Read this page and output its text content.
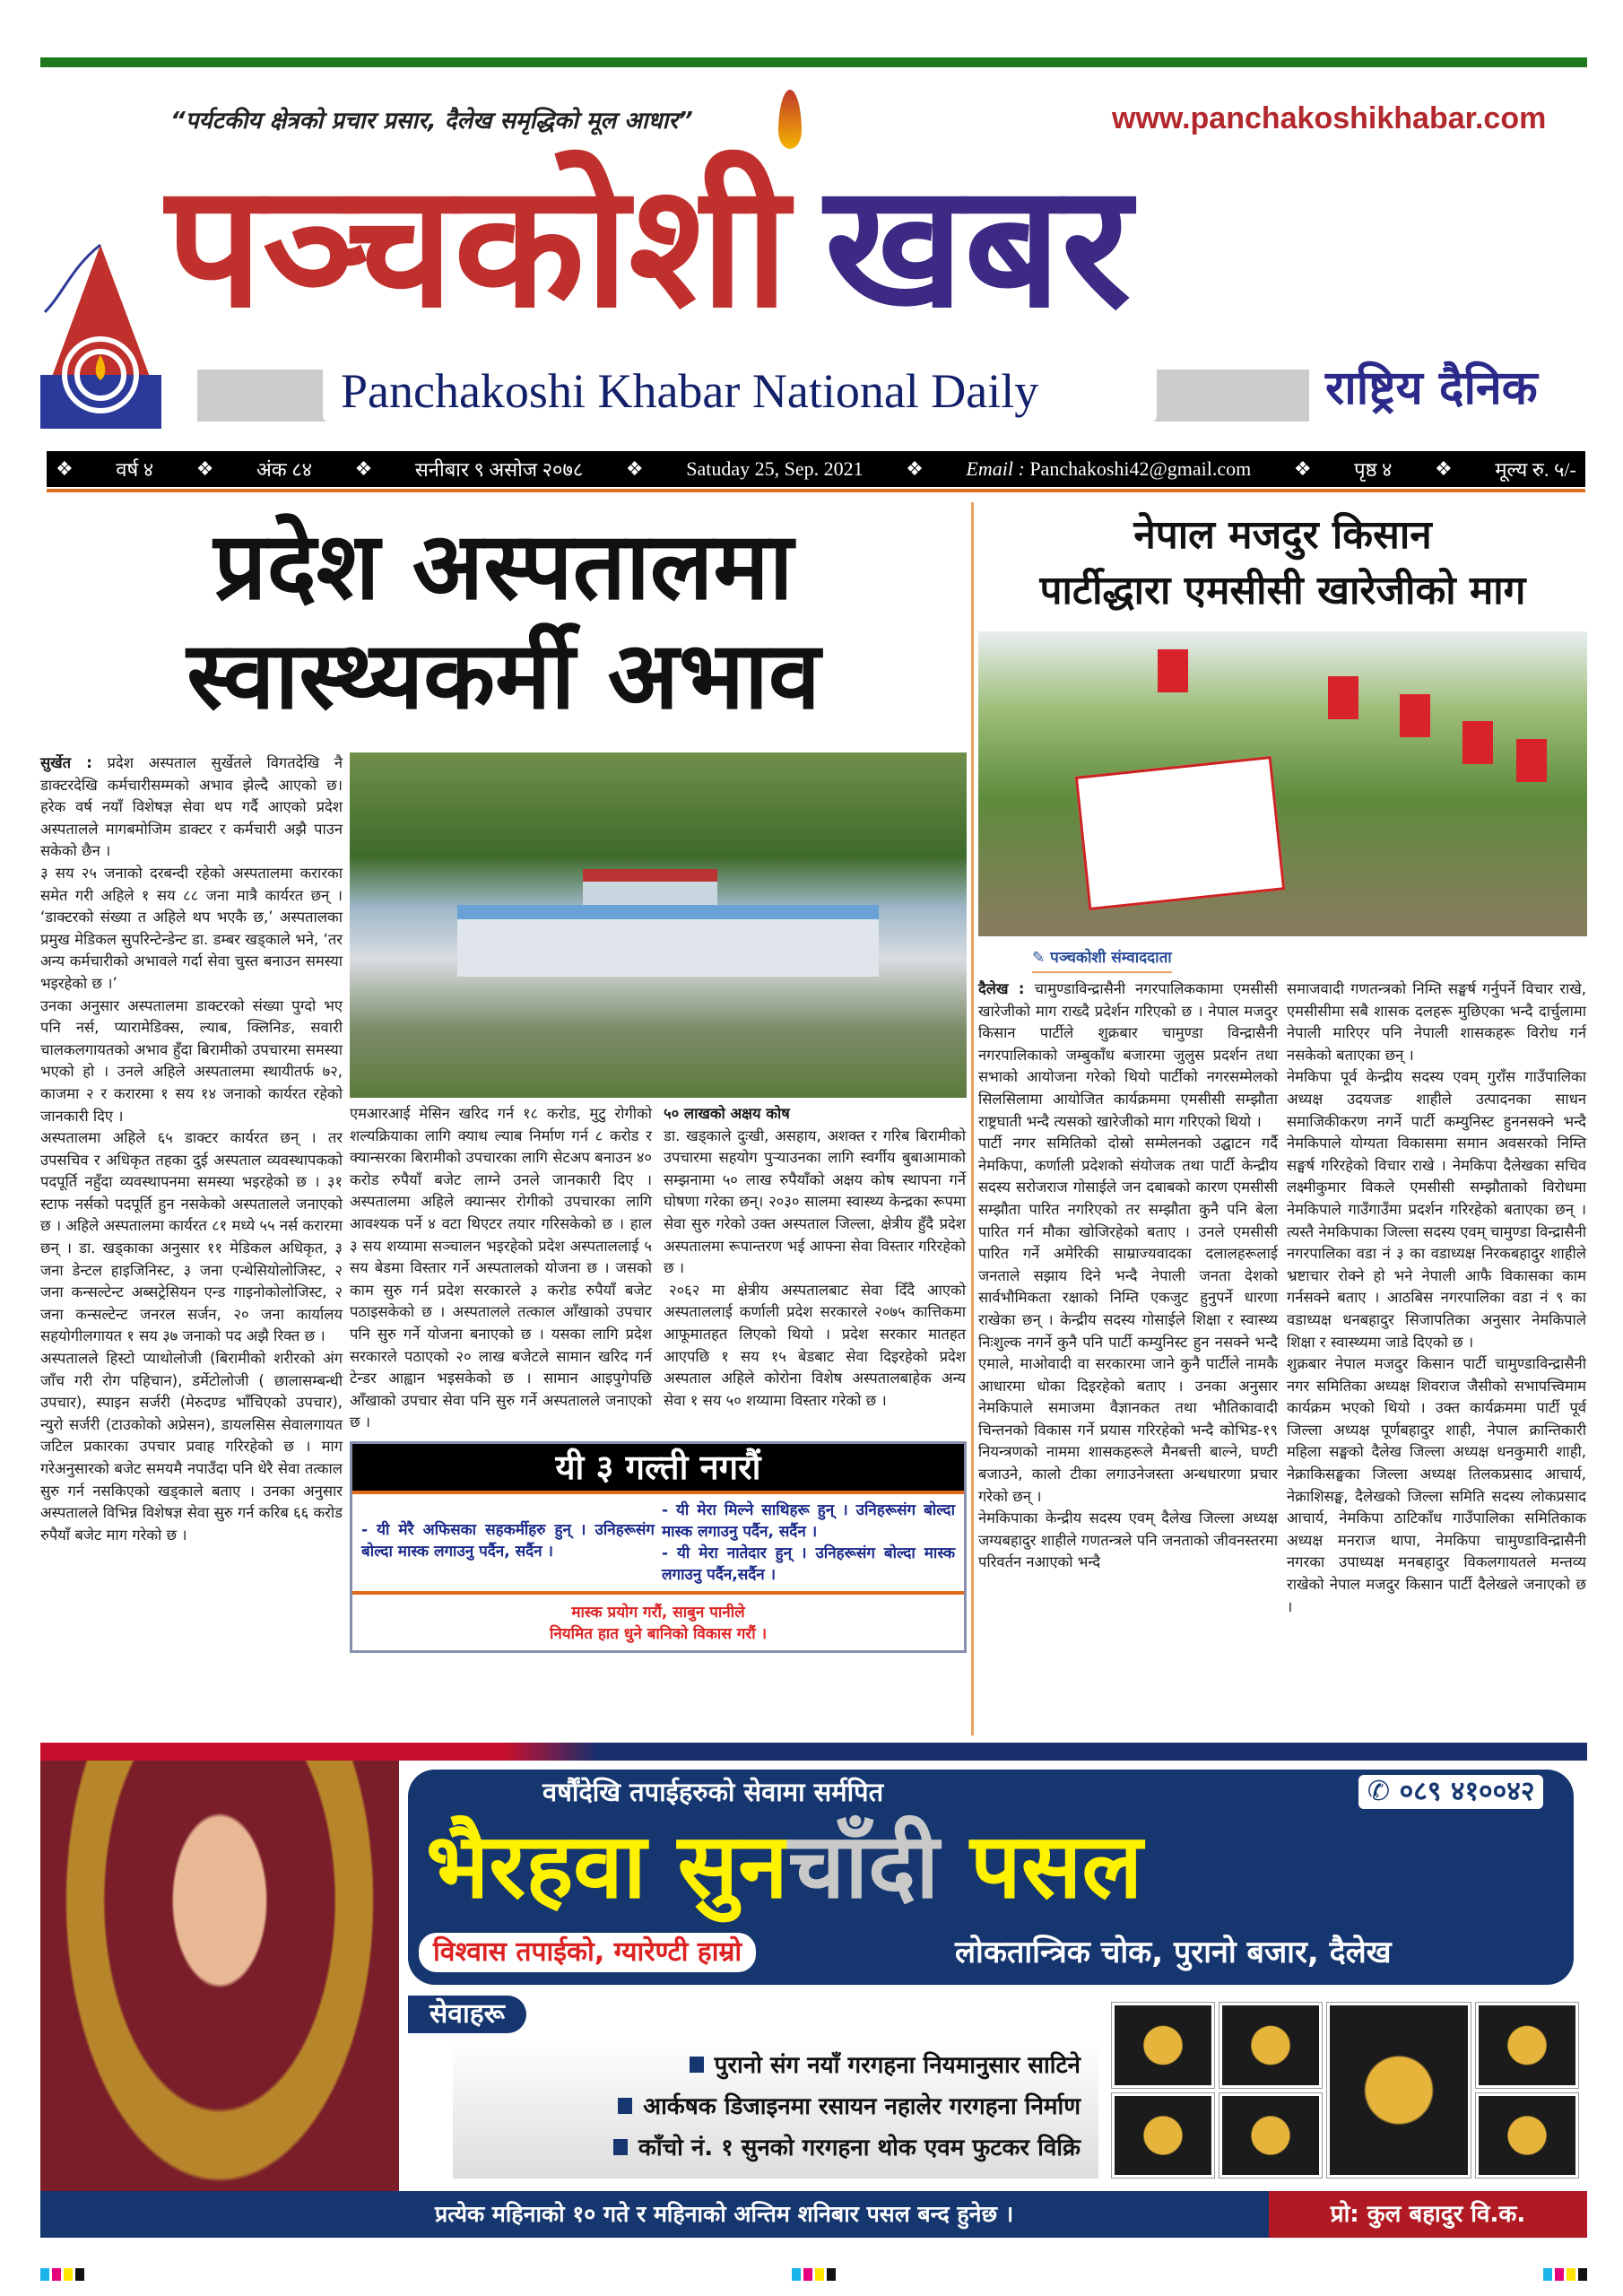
“पर्यटकीय क्षेत्रको प्रचार प्रसार, दैलेख समृद्धिको मूल आधार”	www.panchakoshikhabar.com
पञ्चकोशी खबर
Panchakoshi Khabar National Daily	राष्ट्रिय दैनिक
❖ वर्ष ४ ❖ अंक ८४ ❖ सनीबार ९ असोज २०७८ ❖ Satuday 25, Sep. 2021 ❖ Email : Panchakoshi42@gmail.com ❖ पृष्ठ ४ ❖ मूल्य रु. ५/-
प्रदेश अस्पतालमा
स्वास्थ्यकर्मी अभाव

सुर्खेत : प्रदेश अस्पताल सुर्खेतले विगतदेखि नै डाक्टरदेखि कर्मचारीसम्मको अभाव झेल्दै आएको छ। हरेक वर्ष नयाँ विशेषज्ञ सेवा थप गर्दै आएको प्रदेश अस्पतालले मागबमोजिम डाक्टर र कर्मचारी अझै पाउन सकेको छैन ।

३ सय २५ जनाको दरबन्दी रहेको अस्पतालमा करारका समेत गरी अहिले १ सय ८८ जना मात्रै कार्यरत छन् । ‘डाक्टरको संख्या त अहिले थप भएकै छ,’ अस्पतालका प्रमुख मेडिकल सुपरिन्टेन्डेन्ट डा. डम्बर खड्काले भने, ‘तर अन्य कर्मचारीको अभावले गर्दा सेवा चुस्त बनाउन समस्या भइरहेको छ ।’

उनका अनुसार अस्पतालमा डाक्टरको संख्या पुग्दो भए पनि नर्स, प्यारामेडिक्स, ल्याब, क्लिनिङ, सवारी चालकलगायतको अभाव हुँदा बिरामीको उपचारमा समस्या भएको हो । उनले अहिले अस्पतालमा स्थायीतर्फ ७२, काजमा २ र करारमा १ सय १४ जनाको कार्यरत रहेको जानकारी दिए ।

अस्पतालमा अहिले ६५ डाक्टर कार्यरत छन् । तर उपसचिव र अधिकृत तहका दुई अस्पताल व्यवस्थापकको पदपूर्ति नहुँदा व्यवस्थापनमा समस्या भइरहेको छ । ३१ स्टाफ नर्सको पदपूर्ति हुन नसकेको अस्पतालले जनाएको छ । अहिले अस्पतालमा कार्यरत ८१ मध्ये ५५ नर्स करारमा छन् । डा. खड्काका अनुसार ११ मेडिकल अधिकृत, ३ जना डेन्टल हाइजिनिस्ट, ३ जना एन्थेसियोलोजिस्ट, २ जना कन्सल्टेन्ट अब्सट्रेसियन एन्ड गाइनोकोलोजिस्ट, २ जना कन्सल्टेन्ट जनरल सर्जन, २० जना कार्यालय सहयोगीलगायत १ सय ३७ जनाको पद अझै रिक्त छ ।

अस्पतालले हिस्टो प्याथोलोजी (बिरामीको शरीरको अंग जाँच गरी रोग पहिचान), डर्मेटोलोजी ( छालासम्बन्धी उपचार), स्पाइन सर्जरी (मेरुदण्ड भाँचिएको उपचार), न्युरो सर्जरी (टाउकोको अप्रेसन), डायलसिस सेवालगायत जटिल प्रकारका उपचार प्रवाह गरिरहेको छ । माग गरेअनुसारको बजेट समयमै नपाउँदा पनि धेरै सेवा तत्काल सुरु गर्न नसकिएको खड्काले बताए । उनका अनुसार अस्पतालले विभिन्न विशेषज्ञ सेवा सुरु गर्न करिब ६६ करोड रुपैयाँ बजेट माग गरेको छ ।

एमआरआई मेसिन खरिद गर्न १८ करोड, मुटु रोगीको शल्यक्रियाका लागि क्याथ ल्याब निर्माण गर्न ८ करोड र क्यान्सरका बिरामीको उपचारका लागि सेटअप बनाउन ४० करोड रुपैयाँ बजेट लाग्ने उनले जानकारी दिए । अस्पतालमा अहिले क्यान्सर रोगीको उपचारका लागि आवश्यक पर्ने ४ वटा थिएटर तयार गरिसकेको छ । हाल ३ सय शय्यामा सञ्चालन भइरहेको प्रदेश अस्पताललाई ५ सय बेडमा विस्तार गर्ने अस्पतालको योजना छ । जसको काम सुरु गर्न प्रदेश सरकारले ३ करोड रुपैयाँ बजेट पठाइसकेको छ । अस्पतालले तत्काल आँखाको उपचार पनि सुरु गर्ने योजना बनाएको छ । यसका लागि प्रदेश सरकारले पठाएको २० लाख बजेटले सामान खरिद गर्न टेन्डर आह्वान भइसकेको छ । सामान आइपुगेपछि आँखाको उपचार सेवा पनि सुरु गर्ने अस्पतालले जनाएको छ ।

५० लाखको अक्षय कोष

डा. खड्काले दुःखी, असहाय, अशक्त र गरिब बिरामीको उपचारमा सहयोग पुर्‍याउनका लागि स्वर्गीय बुबाआमाको सम्झनामा ५० लाख रुपैयाँको अक्षय कोष स्थापना गर्ने घोषणा गरेका छन्। २०३० सालमा स्वास्थ्य केन्द्रका रूपमा सेवा सुरु गरेको उक्त अस्पताल जिल्ला, क्षेत्रीय हुँदै प्रदेश अस्पतालमा रूपान्तरण भई आफ्ना सेवा विस्तार गरिरहेको छ ।

२०६२ मा क्षेत्रीय अस्पतालबाट सेवा दिँदै आएको अस्पताललाई कर्णाली प्रदेश सरकारले २०७५ कात्तिकमा आफूमातहत लिएको थियो । प्रदेश सरकार मातहत आएपछि १ सय १५ बेडबाट सेवा दिइरहेको प्रदेश अस्पताल अहिले कोरोना विशेष अस्पतालबाहेक अन्य सेवा १ सय ५० शय्यामा विस्तार गरेको छ ।

यी ३ गल्ती नगरौं
- यी मेरै अफिसका सहकर्मीहरु हुन् । उनिहरूसंग बोल्दा मास्क लगाउनु पर्दैन, सर्दैन ।

- यी मेरा मिल्ने साथिहरू हुन् । उनिहरूसंग बोल्दा मास्क लगाउनु पर्दैन, सर्दैन ।

- यी मेरा नातेदार हुन् । उनिहरूसंग बोल्दा मास्क लगाउनु पर्दैन,सर्दैन ।

मास्क प्रयोग गरौं, साबुन पानीले
नियमित हात धुने बानिको विकास गरौं ।
नेपाल मजदुर किसान
पार्टीद्धारा एमसीसी खारेजीको माग
✎ पञ्चकोशी संम्वाददाता

दैलेख : चामुण्डाविन्द्रासैनी नगरपालिककामा एमसीसी खारेजीको माग राख्दै प्रदेर्शन गरिएको छ । नेपाल मजदुर किसान पार्टीले शुक्रबार चामुण्डा विन्द्रासैनी नगरपालिकाको जम्बुकाँध बजारमा जुलुस प्रदर्शन तथा सभाको आयोजना गरेको थियो पार्टीको नगरसम्मेलको सिलसिलामा आयोजित कार्यक्रममा एमसीसी सम्झौता राष्ट्रघाती भन्दै त्यसको खारेजीको माग गरिएको थियो ।

पार्टी नगर समितिको दोस्रो सम्मेलनको उद्घाटन गर्दै नेमकिपा, कर्णाली प्रदेशको संयोजक तथा पार्टी केन्द्रीय सदस्य सरोजराज गोसाईले जन दबाबको कारण एमसीसी सम्झौता पारित नगरिएको तर सम्झौता कुनै पनि बेला पारित गर्न मौका खोजिरहेको बताए । उनले एमसीसी पारित गर्ने अमेरिकी साम्राज्यवादका दलालहरूलाई जनताले सझाय दिने भन्दै नेपाली जनता देशको सार्वभौमिकता रक्षाको निम्ति एकजुट हुनुपर्ने धारणा राखेका छन् । केन्द्रीय सदस्य गोसाईले शिक्षा र स्वास्थ्य निःशुल्क नगर्ने कुनै पनि पार्टी कम्युनिस्ट हुन नसक्ने भन्दै एमाले, माओवादी वा सरकारमा जाने कुनै पार्टीले नामकै आधारमा धोका दिइरहेको बताए । उनका अनुसार नेमकिपाले समाजमा वैज्ञानकत तथा भौतिकावादी चिन्तनको विकास गर्ने प्रयास गरिरहेको भन्दै कोभिड-१९ नियन्त्रणको नाममा शासकहरूले मैनबत्ती बाल्ने, घण्टी बजाउने, कालो टीका लगाउनेजस्ता अन्धधारणा प्रचार गरेको छन् ।

नेमकिपाका केन्द्रीय सदस्य एवम् दैलेख जिल्ला अध्यक्ष जग्यबहादुर शाहीले गणतन्त्रले पनि जनताको जीवनस्तरमा परिवर्तन नआएको भन्दै

समाजवादी गणतन्त्रको निम्ति सङ्घर्ष गर्नुपर्ने विचार राखे, एमसीसीमा सबै शासक दलहरू मुछिएका भन्दै दार्चुलामा नेपाली मारिएर पनि नेपाली शासकहरू विरोध गर्न नसकेको बताएका छन् ।

नेमकिपा पूर्व केन्द्रीय सदस्य एवम् गुराँस गाउँपालिका अध्यक्ष उदयजङ शाहीले उत्पादनका साधन समाजिकीकरण नगर्ने पार्टी कम्युनिस्ट हुननसक्ने भन्दै नेमकिपाले योग्यता विकासमा समान अवसरको निम्ति सङ्घर्ष गरिरहेको विचार राखे । नेमकिपा दैलेखका सचिव लक्ष्मीकुमार विकले एमसीसी सम्झौताको विरोधमा नेमकिपाले गाउँगाउँमा प्रदर्शन गरिरहेको बताएका छन् । त्यस्तै नेमकिपाका जिल्ला सदस्य एवम् चामुण्डा विन्द्रासैनी नगरपालिका वडा नं ३ का वडाध्यक्ष निरकबहादुर शाहीले भ्रष्टाचार रोक्ने हो भने नेपाली आफै विकासका काम गर्नसक्ने बताए । आठबिस नगरपालिका वडा नं ९ का वडाध्यक्ष धनबहादुर सिजापतिका अनुसार नेमकिपाले शिक्षा र स्वास्थ्यमा जाडे दिएको छ ।

शुक्रबार नेपाल मजदुर किसान पार्टी चामुण्डाविन्द्रासैनी नगर समितिका अध्यक्ष शिवराज जैसीको सभापत्त्विमाम कार्यक्रम भएको थियो । उक्त कार्यक्रममा पार्टी पूर्व जिल्ला अध्यक्ष पूर्णबहादुर शाही, नेपाल क्रान्तिकारी महिला सङ्घको दैलेख जिल्ला अध्यक्ष धनकुमारी शाही, नेक्राकिसङ्घका जिल्ला अध्यक्ष तिलकप्रसाद आचार्य, नेक्राशिसङ्घ, दैलेखको जिल्ला समिति सदस्य लोकप्रसाद आचार्य, नेमकिपा ठाटिकाँध गाउँपालिका समितिकाक अध्यक्ष मनराज थापा, नेमकिपा चामुण्डाविन्द्रासैनी नगरका उपाध्यक्ष मनबहादुर विकलगायतले मन्तव्य राखेको नेपाल मजदुर किसान पार्टी दैलेखले जनाएको छ ।

वर्षौंदेखि तपाईहरुको सेवामा सर्मपित	✆ ०८९ ४१००४२
भैरहवा सुनचाँदी पसल
विश्वास तपाईको, ग्यारेण्टी हाम्रो	लोकतान्त्रिक चोक, पुरानो बजार, दैलेख
सेवाहरू
पुरानो संग नयाँ गरगहना नियमानुसार साटिने
आर्कषक डिजाइनमा रसायन नहालेर गरगहना निर्माण
काँचो नं. १ सुनको गरगहना थोक एवम फुटकर विक्रि
प्रत्येक महिनाको १० गते र महिनाको अन्तिम शनिबार पसल बन्द हुनेछ ।	प्रो: कुल बहादुर वि.क.
